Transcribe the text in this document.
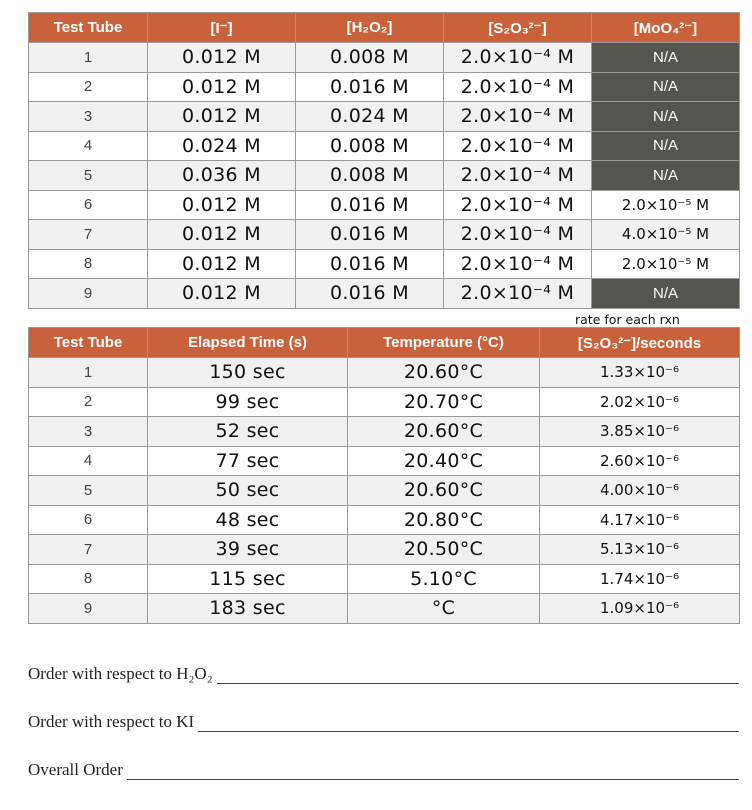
Test Tube	[I⁻]	[H₂O₂]	[S₂O₃²⁻]	[MoO₄²⁻]
1	0.012 M	0.008 M	2.0×10⁻⁴ M	N/A
2	0.012 M	0.016 M	2.0×10⁻⁴ M	N/A
3	0.012 M	0.024 M	2.0×10⁻⁴ M	N/A
4	0.024 M	0.008 M	2.0×10⁻⁴ M	N/A
5	0.036 M	0.008 M	2.0×10⁻⁴ M	N/A
6	0.012 M	0.016 M	2.0×10⁻⁴ M	2.0×10⁻⁵ M
7	0.012 M	0.016 M	2.0×10⁻⁴ M	4.0×10⁻⁵ M
8	0.012 M	0.016 M	2.0×10⁻⁴ M	2.0×10⁻⁵ M
9	0.012 M	0.016 M	2.0×10⁻⁴ M	N/A
rate for each rxn
Test Tube	Elapsed Time (s)	Temperature (°C)	[S₂O₃²⁻]/seconds
1	150 sec	20.60°C	1.33×10⁻⁶
2	99 sec	20.70°C	2.02×10⁻⁶
3	52 sec	20.60°C	3.85×10⁻⁶
4	77 sec	20.40°C	2.60×10⁻⁶
5	50 sec	20.60°C	4.00×10⁻⁶
6	48 sec	20.80°C	4.17×10⁻⁶
7	39 sec	20.50°C	5.13×10⁻⁶
8	115 sec	5.10°C	1.74×10⁻⁶
9	183 sec	°C	1.09×10⁻⁶
Order with respect to H₂O₂
Order with respect to KI
Overall Order
